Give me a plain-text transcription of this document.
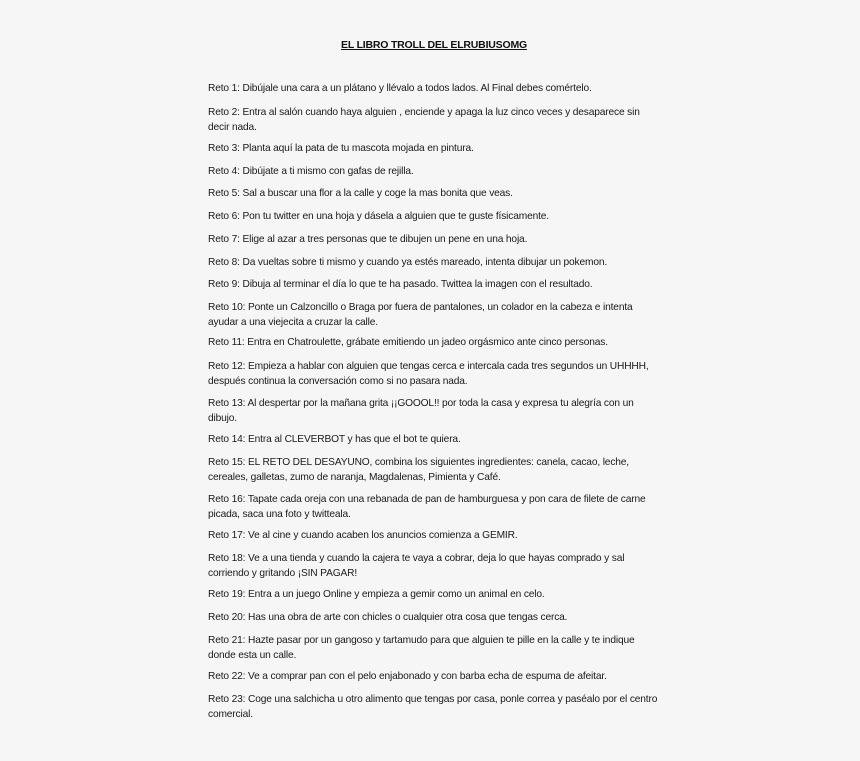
EL LIBRO TROLL DEL ELRUBIUSOMG

Reto 1: Dibújale una cara a un plátano y llévalo a todos lados. Al Final debes comértelo.

Reto 2: Entra al salón cuando haya alguien , enciende y apaga la luz cinco veces y desaparece sin decir nada.

Reto 3: Planta aquí la pata de tu mascota mojada en pintura.

Reto 4: Dibújate a ti mismo con gafas de rejilla.

Reto 5: Sal a buscar una flor a la calle y coge la mas bonita que veas.

Reto 6: Pon tu twitter en una hoja y dásela a alguien que te guste físicamente.

Reto 7: Elige al azar a tres personas que te dibujen un pene en una hoja.

Reto 8: Da vueltas sobre ti mismo y cuando ya estés mareado, intenta dibujar un pokemon.

Reto 9: Dibuja al terminar el día lo que te ha pasado. Twittea la imagen con el resultado.

Reto 10: Ponte un Calzoncillo o Braga por fuera de pantalones, un colador en la cabeza e intenta ayudar a una viejecita a cruzar la calle.

Reto 11: Entra en Chatroulette, grábate emitiendo un jadeo orgásmico ante cinco personas.

Reto 12: Empieza a hablar con alguien que tengas cerca e intercala cada tres segundos un UHHHH, después continua la conversación como si no pasara nada.

Reto 13: Al despertar por la mañana grita ¡¡GOOOL!! por toda la casa y expresa tu alegría con un dibujo.

Reto 14: Entra al CLEVERBOT y has que el bot te quiera.

Reto 15: EL RETO DEL DESAYUNO, combina los siguientes ingredientes: canela, cacao, leche, cereales, galletas, zumo de naranja, Magdalenas, Pimienta y Café.

Reto 16: Tapate cada oreja con una rebanada de pan de hamburguesa y pon cara de filete de carne picada, saca una foto y twitteala.

Reto 17: Ve al cine y cuando acaben los anuncios comienza a GEMIR.

Reto 18: Ve a una tienda y cuando la cajera te vaya a cobrar, deja lo que hayas comprado y sal corriendo y gritando ¡SIN PAGAR!

Reto 19: Entra a un juego Online y empieza a gemir como un animal en celo.

Reto 20: Has una obra de arte con chicles o cualquier otra cosa que tengas cerca.

Reto 21: Hazte pasar por un gangoso y tartamudo para que alguien te pille en la calle y te indique donde esta un calle.

Reto 22: Ve a comprar pan con el pelo enjabonado y con barba echa de espuma de afeitar.

Reto 23: Coge una salchicha u otro alimento que tengas por casa, ponle correa y paséalo por el centro comercial.
